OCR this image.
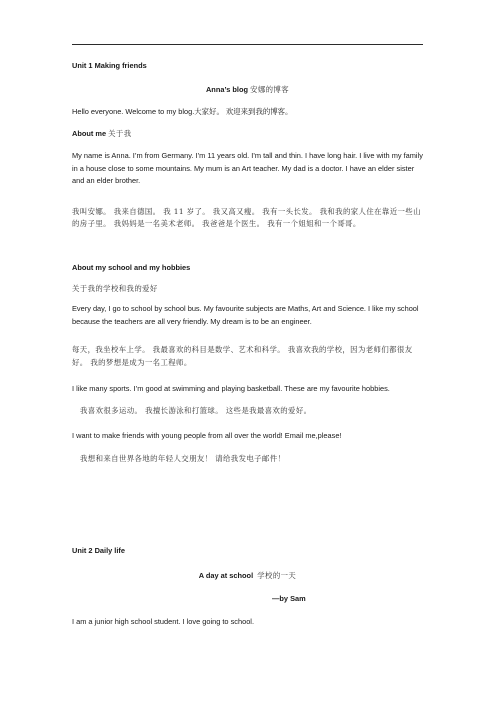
Unit 1 Making friends

Anna’s blog 安娜的博客

Hello everyone. Welcome to my blog.大家好。 欢迎来到我的博客。

About me 关于我

My name is Anna. I’m from Germany. I’m 11 years old. I’m tall and thin. I have long hair. I live with my family in a house close to some mountains. My mum is an Art teacher. My dad is a doctor. I have an elder sister and an elder brother.

我叫安娜。 我来自德国。 我 11 岁了。 我又高又瘦。 我有一头长发。 我和我的家人住在靠近一些山的房子里。 我妈妈是一名美术老师。 我爸爸是个医生。 我有一个姐姐和一个哥哥。

About my school and my hobbies

关于我的学校和我的爱好

Every day, I go to school by school bus. My favourite subjects are Maths, Art and Science. I like my school because the teachers are all very friendly. My dream is to be an engineer.

每天，我坐校车上学。 我最喜欢的科目是数学、艺术和科学。 我喜欢我的学校，因为老师们都很友好。 我的梦想是成为一名工程师。

I like many sports. I’m good at swimming and playing basketball. These are my favourite hobbies.

我喜欢很多运动。 我擅长游泳和打篮球。 这些是我最喜欢的爱好。

I want to make friends with young people from all over the world! Email me,please!

我想和来自世界各地的年轻人交朋友！ 请给我发电子邮件！

Unit 2 Daily life

A day at school 学校的一天

—by Sam

I am a junior high school student. I love going to school.
